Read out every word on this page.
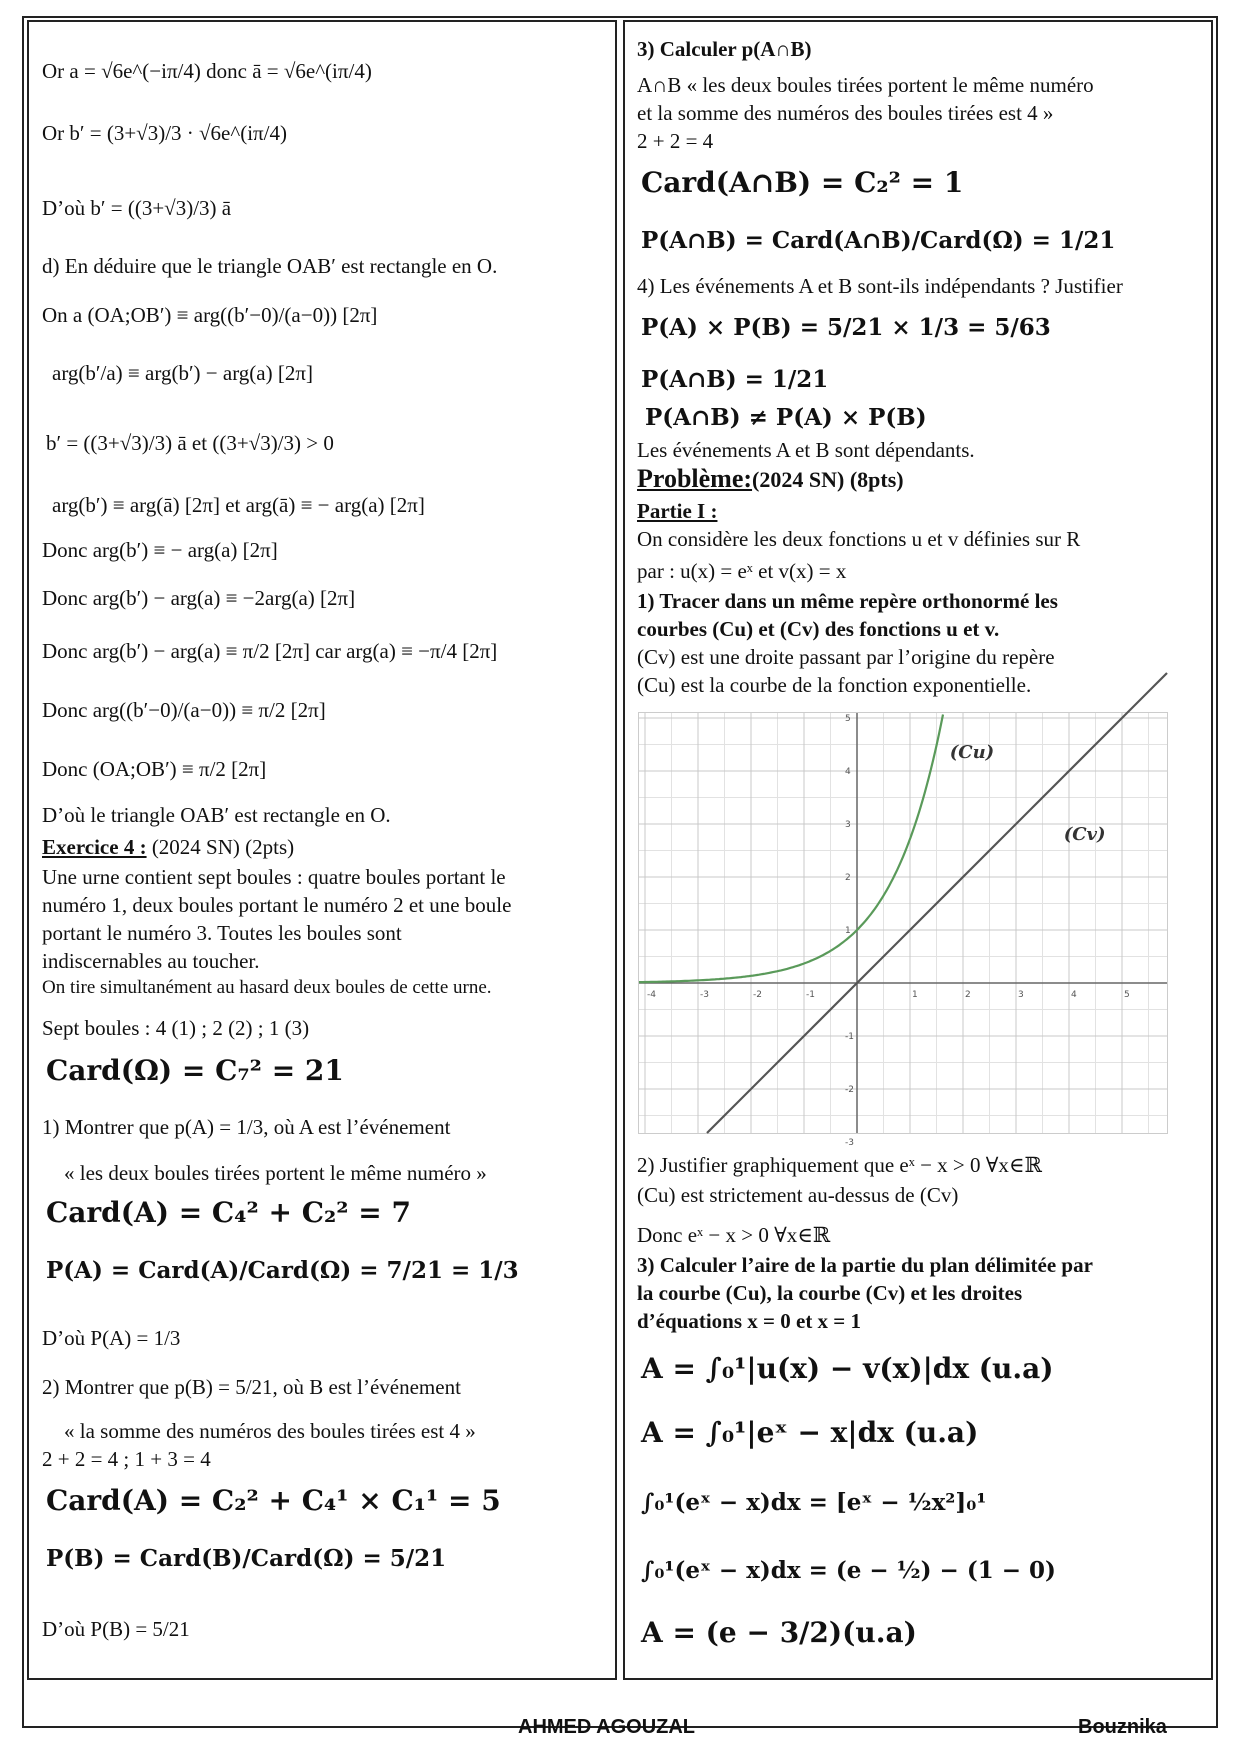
Or a = √6e^(−iπ/4) donc ā = √6e^(iπ/4)
Or b′ = (3+√3)/3 · √6e^(iπ/4)
D’où b′ = ((3+√3)/3) ā
d) En déduire que le triangle OAB′ est rectangle en O.
On a (OA;OB′) ≡ arg((b′−0)/(a−0)) [2π]
arg(b′/a) ≡ arg(b′) − arg(a) [2π]
b′ = ((3+√3)/3) ā et ((3+√3)/3) > 0
arg(b′) ≡ arg(ā) [2π] et arg(ā) ≡ − arg(a) [2π]
Donc arg(b′) ≡ − arg(a) [2π]
Donc arg(b′) − arg(a) ≡ −2arg(a) [2π]
Donc arg(b′) − arg(a) ≡ π/2 [2π] car arg(a) ≡ −π/4 [2π]
Donc arg((b′−0)/(a−0)) ≡ π/2 [2π]
Donc (OA;OB′) ≡ π/2 [2π]
D’où le triangle OAB′ est rectangle en O.
Exercice 4 : (2024 SN) (2pts)
Une urne contient sept boules : quatre boules portant le
numéro 1, deux boules portant le numéro 2 et une boule
portant le numéro 3. Toutes les boules sont
indiscernables au toucher.
On tire simultanément au hasard deux boules de cette urne.
Sept boules : 4 (1) ; 2 (2) ; 1 (3)
Card(Ω) = C₇² = 21
1) Montrer que p(A) = 1/3, où A est l’événement
« les deux boules tirées portent le même numéro »
Card(A) = C₄² + C₂² = 7
P(A) = Card(A)/Card(Ω) = 7/21 = 1/3
D’où P(A) = 1/3
2) Montrer que p(B) = 5/21, où B est l’événement
« la somme des numéros des boules tirées est 4 »
2 + 2 = 4 ; 1 + 3 = 4
Card(A) = C₂² + C₄¹ × C₁¹ = 5
P(B) = Card(B)/Card(Ω) = 5/21
D’où P(B) = 5/21
3) Calculer p(A∩B)
A∩B « les deux boules tirées portent le même numéro
et la somme des numéros des boules tirées est 4 »
2 + 2 = 4
Card(A∩B) = C₂² = 1
P(A∩B) = Card(A∩B)/Card(Ω) = 1/21
4) Les événements A et B sont-ils indépendants ? Justifier
P(A) × P(B) = 5/21 × 1/3 = 5/63
P(A∩B) = 1/21
P(A∩B) ≠ P(A) × P(B)
Les événements A et B sont dépendants.
Problème:(2024 SN) (8pts)
Partie I :
On considère les deux fonctions u et v définies sur R
par : u(x) = eˣ et v(x) = x
1) Tracer dans un même repère orthonormé les
courbes (Cu) et (Cv) des fonctions u et v.
(Cv) est une droite passant par l’origine du repère
(Cu) est la courbe de la fonction exponentielle.
-4	-3	-2	-1	1	2	3	4	5
5
4
3
2
1
-1
-2
-3
(Cu)
(Cv)
2) Justifier graphiquement que eˣ − x > 0 ∀x∈ℝ
(Cu) est strictement au-dessus de (Cv)
Donc eˣ − x > 0 ∀x∈ℝ
3) Calculer l’aire de la partie du plan délimitée par
la courbe (Cu), la courbe (Cv) et les droites
d’équations x = 0 et x = 1
A = ∫₀¹|u(x) − v(x)|dx (u.a)
A = ∫₀¹|eˣ − x|dx (u.a)
∫₀¹(eˣ − x)dx = [eˣ − ½x²]₀¹
∫₀¹(eˣ − x)dx = (e − ½) − (1 − 0)
A = (e − 3/2)(u.a)
AHMED AGOUZAL	Bouznika
